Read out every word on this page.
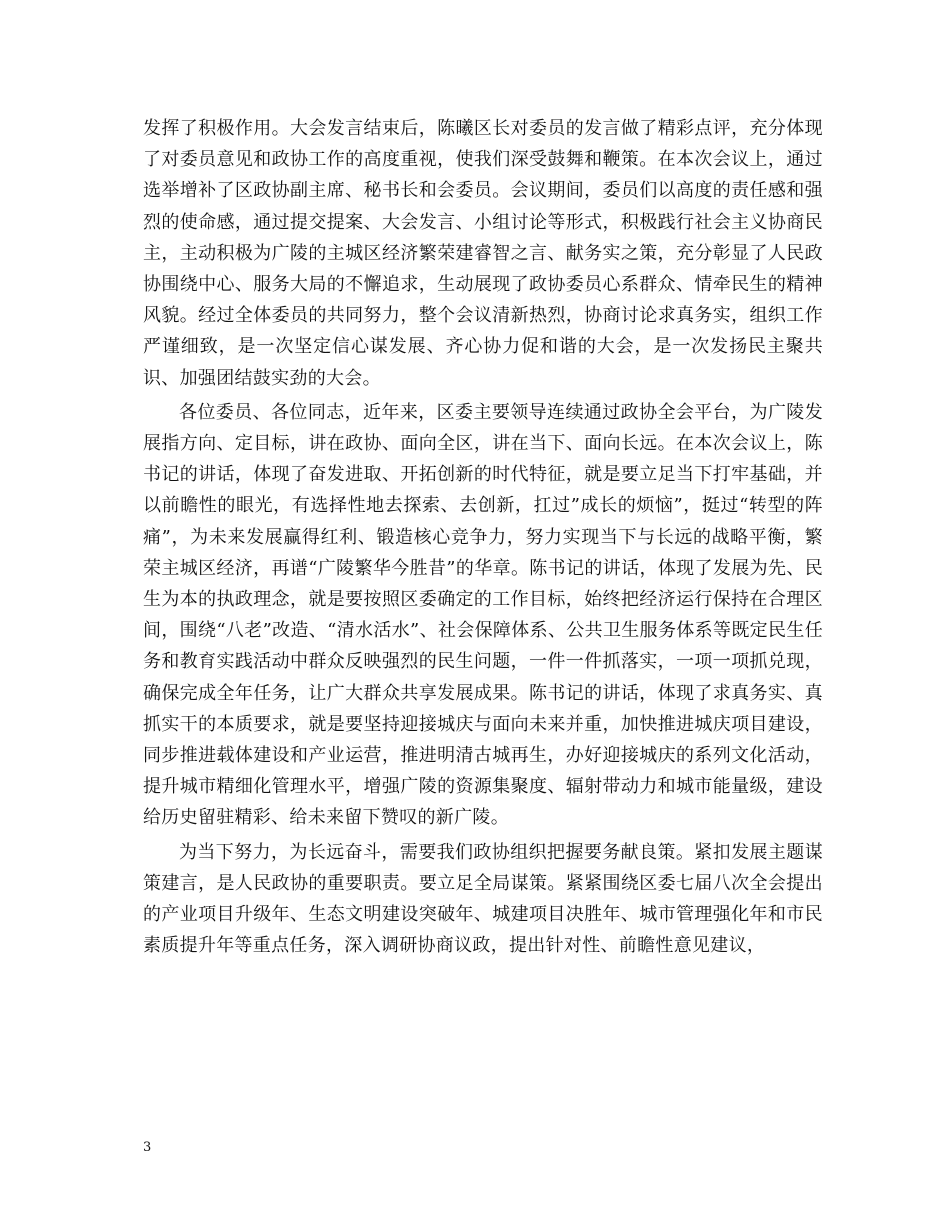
发挥了积极作用。大会发言结束后，陈曦区长对委员的发言做了精彩点评，充分体现了对委员意见和政协工作的高度重视，使我们深受鼓舞和鞭策。在本次会议上，通过选举增补了区政协副主席、秘书长和会委员。会议期间，委员们以高度的责任感和强烈的使命感，通过提交提案、大会发言、小组讨论等形式，积极践行社会主义协商民主，主动积极为广陵的主城区经济繁荣建睿智之言、献务实之策，充分彰显了人民政协围绕中心、服务大局的不懈追求，生动展现了政协委员心系群众、情牵民生的精神风貌。经过全体委员的共同努力，整个会议清新热烈，协商讨论求真务实，组织工作严谨细致，是一次坚定信心谋发展、齐心协力促和谐的大会，是一次发扬民主聚共识、加强团结鼓实劲的大会。

各位委员、各位同志，近年来，区委主要领导连续通过政协全会平台，为广陵发展指方向、定目标，讲在政协、面向全区，讲在当下、面向长远。在本次会议上，陈书记的讲话，体现了奋发进取、开拓创新的时代特征，就是要立足当下打牢基础，并以前瞻性的眼光，有选择性地去探索、去创新，扛过”成长的烦恼”，挺过“转型的阵痛”，为未来发展赢得红利、锻造核心竞争力，努力实现当下与长远的战略平衡，繁荣主城区经济，再谱“广陵繁华今胜昔”的华章。陈书记的讲话，体现了发展为先、民生为本的执政理念，就是要按照区委确定的工作目标，始终把经济运行保持在合理区间，围绕“八老”改造、“清水活水”、社会保障体系、公共卫生服务体系等既定民生任务和教育实践活动中群众反映强烈的民生问题，一件一件抓落实，一项一项抓兑现，确保完成全年任务，让广大群众共享发展成果。陈书记的讲话，体现了求真务实、真抓实干的本质要求，就是要坚持迎接城庆与面向未来并重，加快推进城庆项目建设，同步推进载体建设和产业运营，推进明清古城再生，办好迎接城庆的系列文化活动，提升城市精细化管理水平，增强广陵的资源集聚度、辐射带动力和城市能量级，建设给历史留驻精彩、给未来留下赞叹的新广陵。

为当下努力，为长远奋斗，需要我们政协组织把握要务献良策。紧扣发展主题谋策建言，是人民政协的重要职责。要立足全局谋策。紧紧围绕区委七届八次全会提出的产业项目升级年、生态文明建设突破年、城建项目决胜年、城市管理强化年和市民素质提升年等重点任务，深入调研协商议政，提出针对性、前瞻性意见建议，

3
